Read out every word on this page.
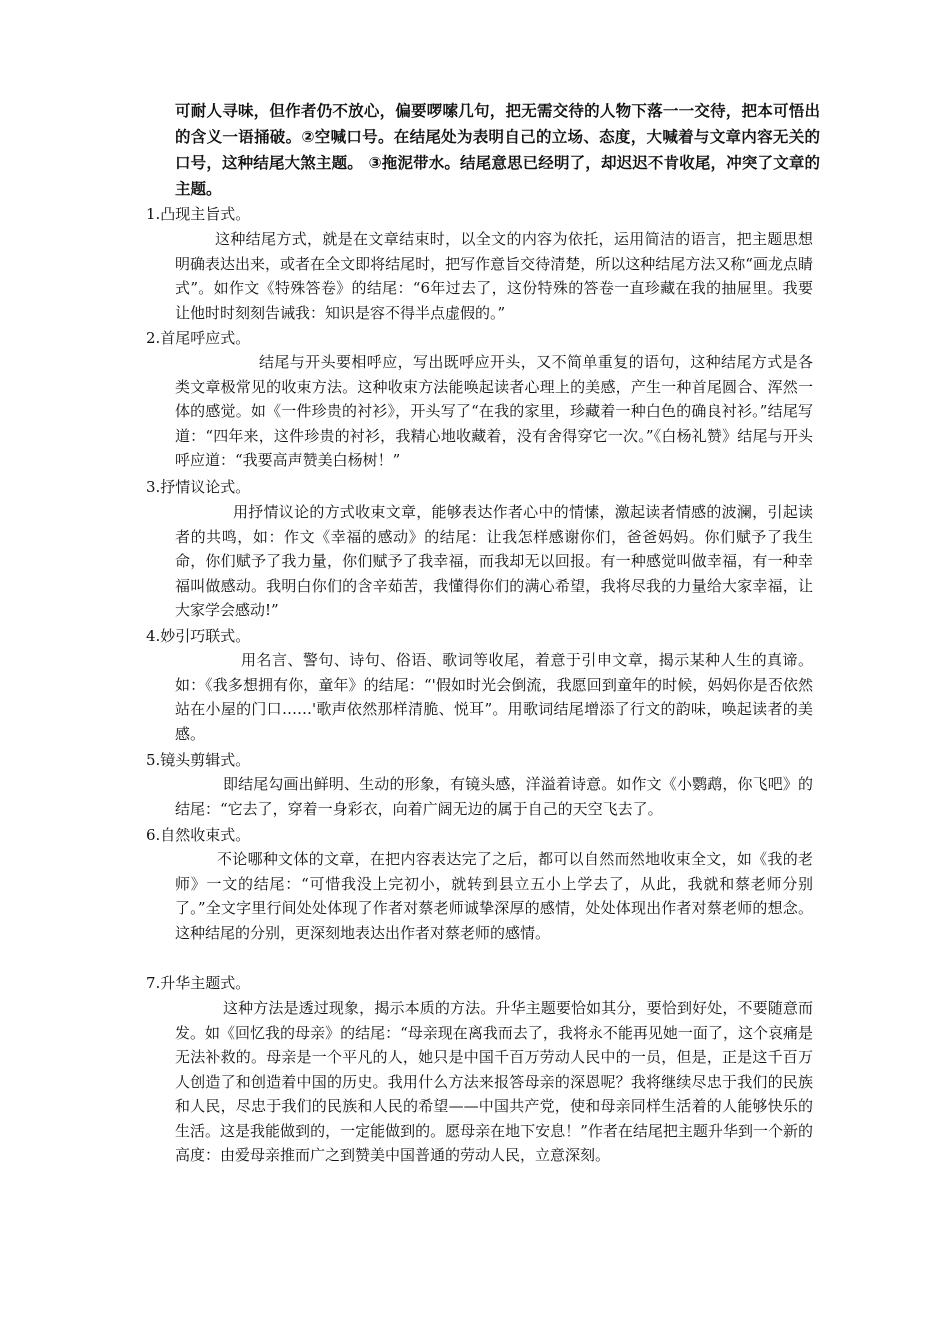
可耐人寻味，但作者仍不放心，偏要啰嗦几句，把无需交待的人物下落一一交待，把本可悟出的含义一语捅破。②空喊口号。在结尾处为表明自己的立场、态度，大喊着与文章内容无关的口号，这种结尾大煞主题。 ③拖泥带水。结尾意思已经明了，却迟迟不肯收尾，冲突了文章的主题。
1.凸现主旨式。
这种结尾方式，就是在文章结束时，以全文的内容为依托，运用简洁的语言，把主题思想明确表达出来，或者在全文即将结尾时，把写作意旨交待清楚，所以这种结尾方法又称“画龙点睛式”。如作文《特殊答卷》的结尾：“6年过去了，这份特殊的答卷一直珍藏在我的抽屉里。我要让他时时刻刻告诫我：知识是容不得半点虚假的。”
2.首尾呼应式。
结尾与开头要相呼应，写出既呼应开头，又不简单重复的语句，这种结尾方式是各类文章极常见的收束方法。这种收束方法能唤起读者心理上的美感，产生一种首尾圆合、浑然一体的感觉。如《一件珍贵的衬衫》，开头写了“在我的家里，珍藏着一种白色的确良衬衫。”结尾写道：“四年来，这件珍贵的衬衫，我精心地收藏着，没有舍得穿它一次。”《白杨礼赞》结尾与开头呼应道：“我要高声赞美白杨树！”
3.抒情议论式。
用抒情议论的方式收束文章，能够表达作者心中的情愫，激起读者情感的波澜，引起读者的共鸣，如：作文《幸福的感动》的结尾：让我怎样感谢你们，爸爸妈妈。你们赋予了我生命，你们赋予了我力量，你们赋予了我幸福，而我却无以回报。有一种感觉叫做幸福，有一种幸福叫做感动。我明白你们的含辛茹苦，我懂得你们的满心希望，我将尽我的力量给大家幸福，让大家学会感动!”
4.妙引巧联式。
用名言、警句、诗句、俗语、歌词等收尾，着意于引申文章，揭示某种人生的真谛。如：《我多想拥有你，童年》的结尾：“'假如时光会倒流，我愿回到童年的时候，妈妈你是否依然站在小屋的门口……'歌声依然那样清脆、悦耳”。用歌词结尾增添了行文的韵味，唤起读者的美感。
5.镜头剪辑式。
即结尾勾画出鲜明、生动的形象，有镜头感，洋溢着诗意。如作文《小鹦鹉，你飞吧》的结尾：“它去了，穿着一身彩衣，向着广阔无边的属于自己的天空飞去了。
6.自然收束式。
不论哪种文体的文章，在把内容表达完了之后，都可以自然而然地收束全文，如《我的老师》一文的结尾：“可惜我没上完初小，就转到县立五小上学去了，从此，我就和蔡老师分别了。”全文字里行间处处体现了作者对蔡老师诚挚深厚的感情，处处体现出作者对蔡老师的想念。这种结尾的分别，更深刻地表达出作者对蔡老师的感情。
7.升华主题式。
这种方法是透过现象，揭示本质的方法。升华主题要恰如其分，要恰到好处，不要随意而发。如《回忆我的母亲》的结尾：“母亲现在离我而去了，我将永不能再见她一面了，这个哀痛是无法补救的。母亲是一个平凡的人，她只是中国千百万劳动人民中的一员，但是，正是这千百万人创造了和创造着中国的历史。我用什么方法来报答母亲的深恩呢？我将继续尽忠于我们的民族和人民，尽忠于我们的民族和人民的希望——中国共产党，使和母亲同样生活着的人能够快乐的生活。这是我能做到的，一定能做到的。愿母亲在地下安息！”作者在结尾把主题升华到一个新的高度：由爱母亲推而广之到赞美中国普通的劳动人民，立意深刻。
